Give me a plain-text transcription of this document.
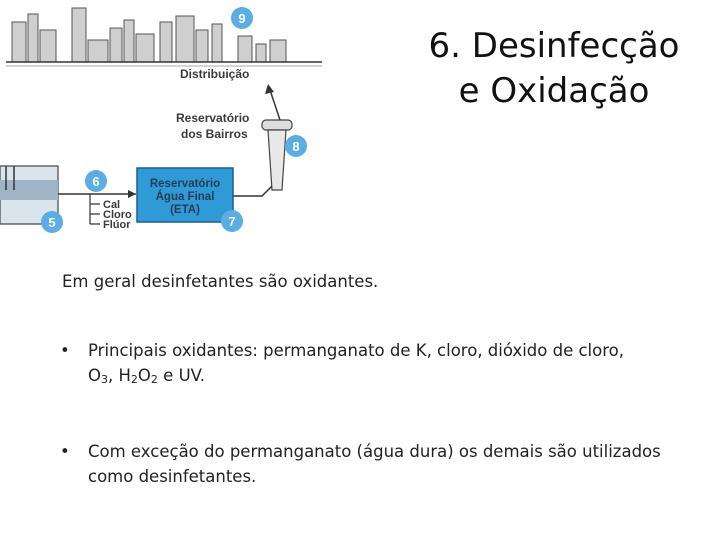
9
Distribuição
Reservatório
dos Bairros
8
Reservatório
Água Final
(ETA)
7
6
5
Cal
Cloro
Flúor
6. Desinfecção
e Oxidação
Em geral desinfetantes são oxidantes.
• Principais oxidantes: permanganato de K, cloro, dióxido de cloro,
O3, H2O2 e UV.
• Com exceção do permanganato (água dura) os demais são utilizados como desinfetantes.
